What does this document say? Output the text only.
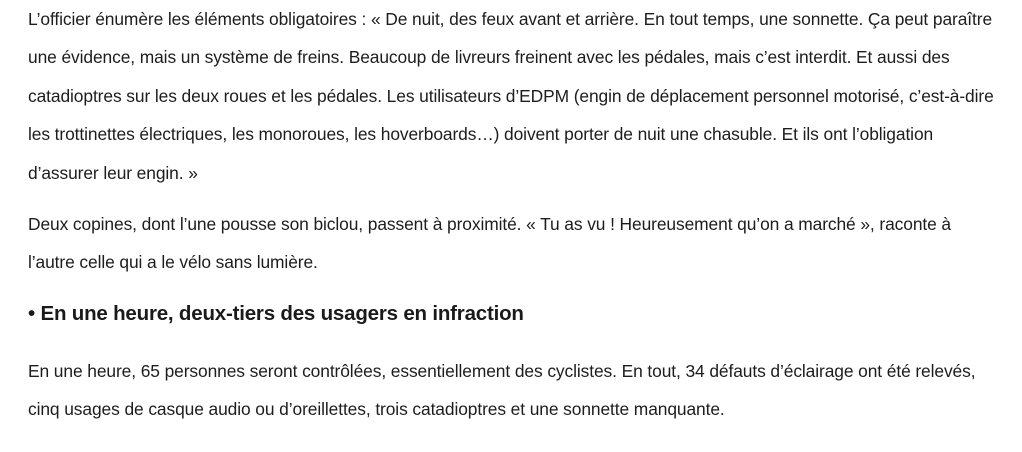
L’officier énumère les éléments obligatoires : « De nuit, des feux avant et arrière. En tout temps, une sonnette. Ça peut paraître une évidence, mais un système de freins. Beaucoup de livreurs freinent avec les pédales, mais c’est interdit. Et aussi des catadioptres sur les deux roues et les pédales. Les utilisateurs d’EDPM (engin de déplacement personnel motorisé, c’est-à-dire les trottinettes électriques, les monoroues, les hoverboards…) doivent porter de nuit une chasuble. Et ils ont l’obligation d’assurer leur engin. »

Deux copines, dont l’une pousse son biclou, passent à proximité. « Tu as vu ! Heureusement qu’on a marché », raconte à l’autre celle qui a le vélo sans lumière.

• En une heure, deux-tiers des usagers en infraction

En une heure, 65 personnes seront contrôlées, essentiellement des cyclistes. En tout, 34 défauts d’éclairage ont été relevés, cinq usages de casque audio ou d’oreillettes, trois catadioptres et une sonnette manquante.
